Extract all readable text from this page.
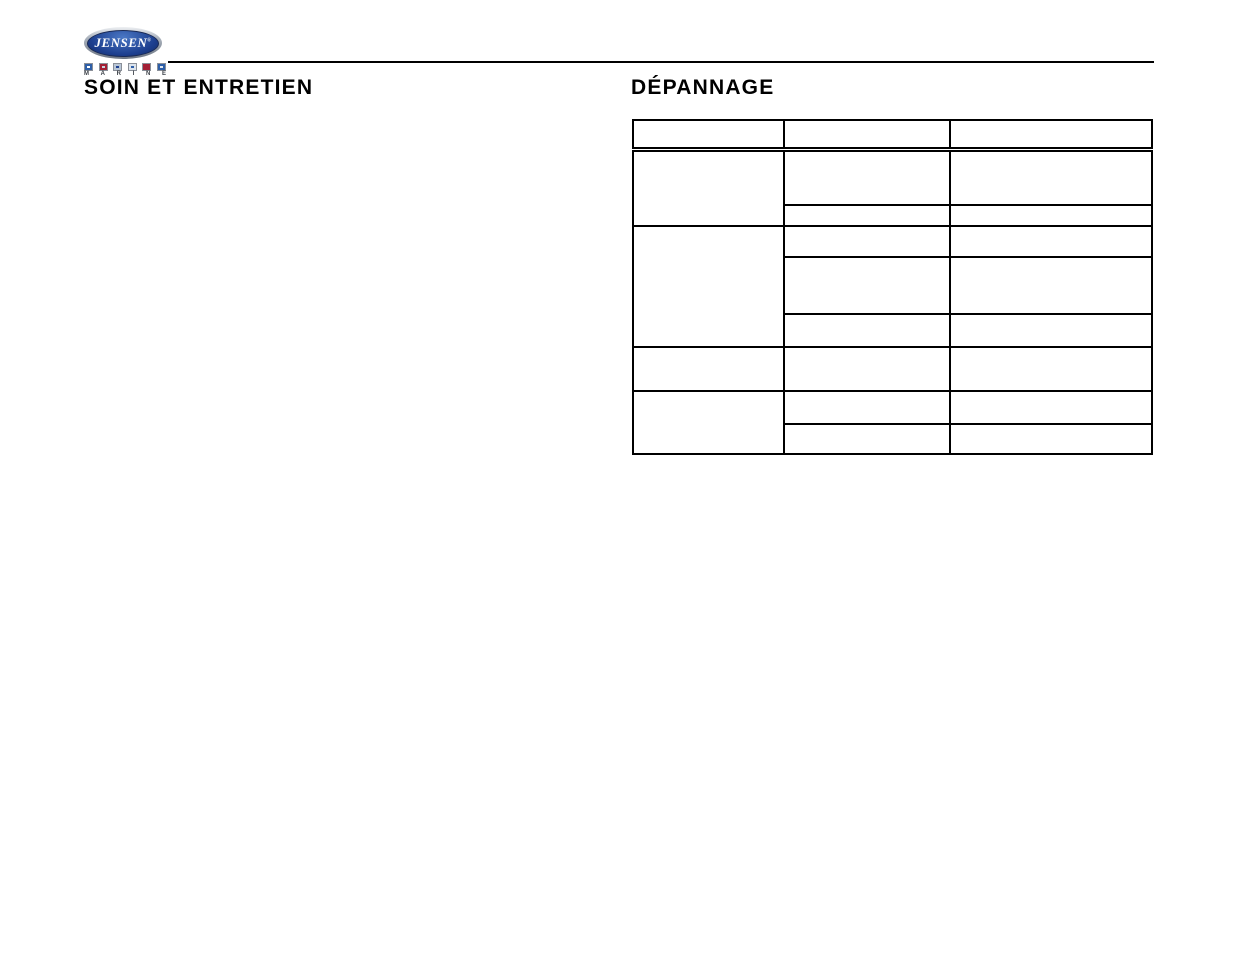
JENSEN®
M A R I N E
SOIN ET ENTRETIEN	DÉPANNAGE
